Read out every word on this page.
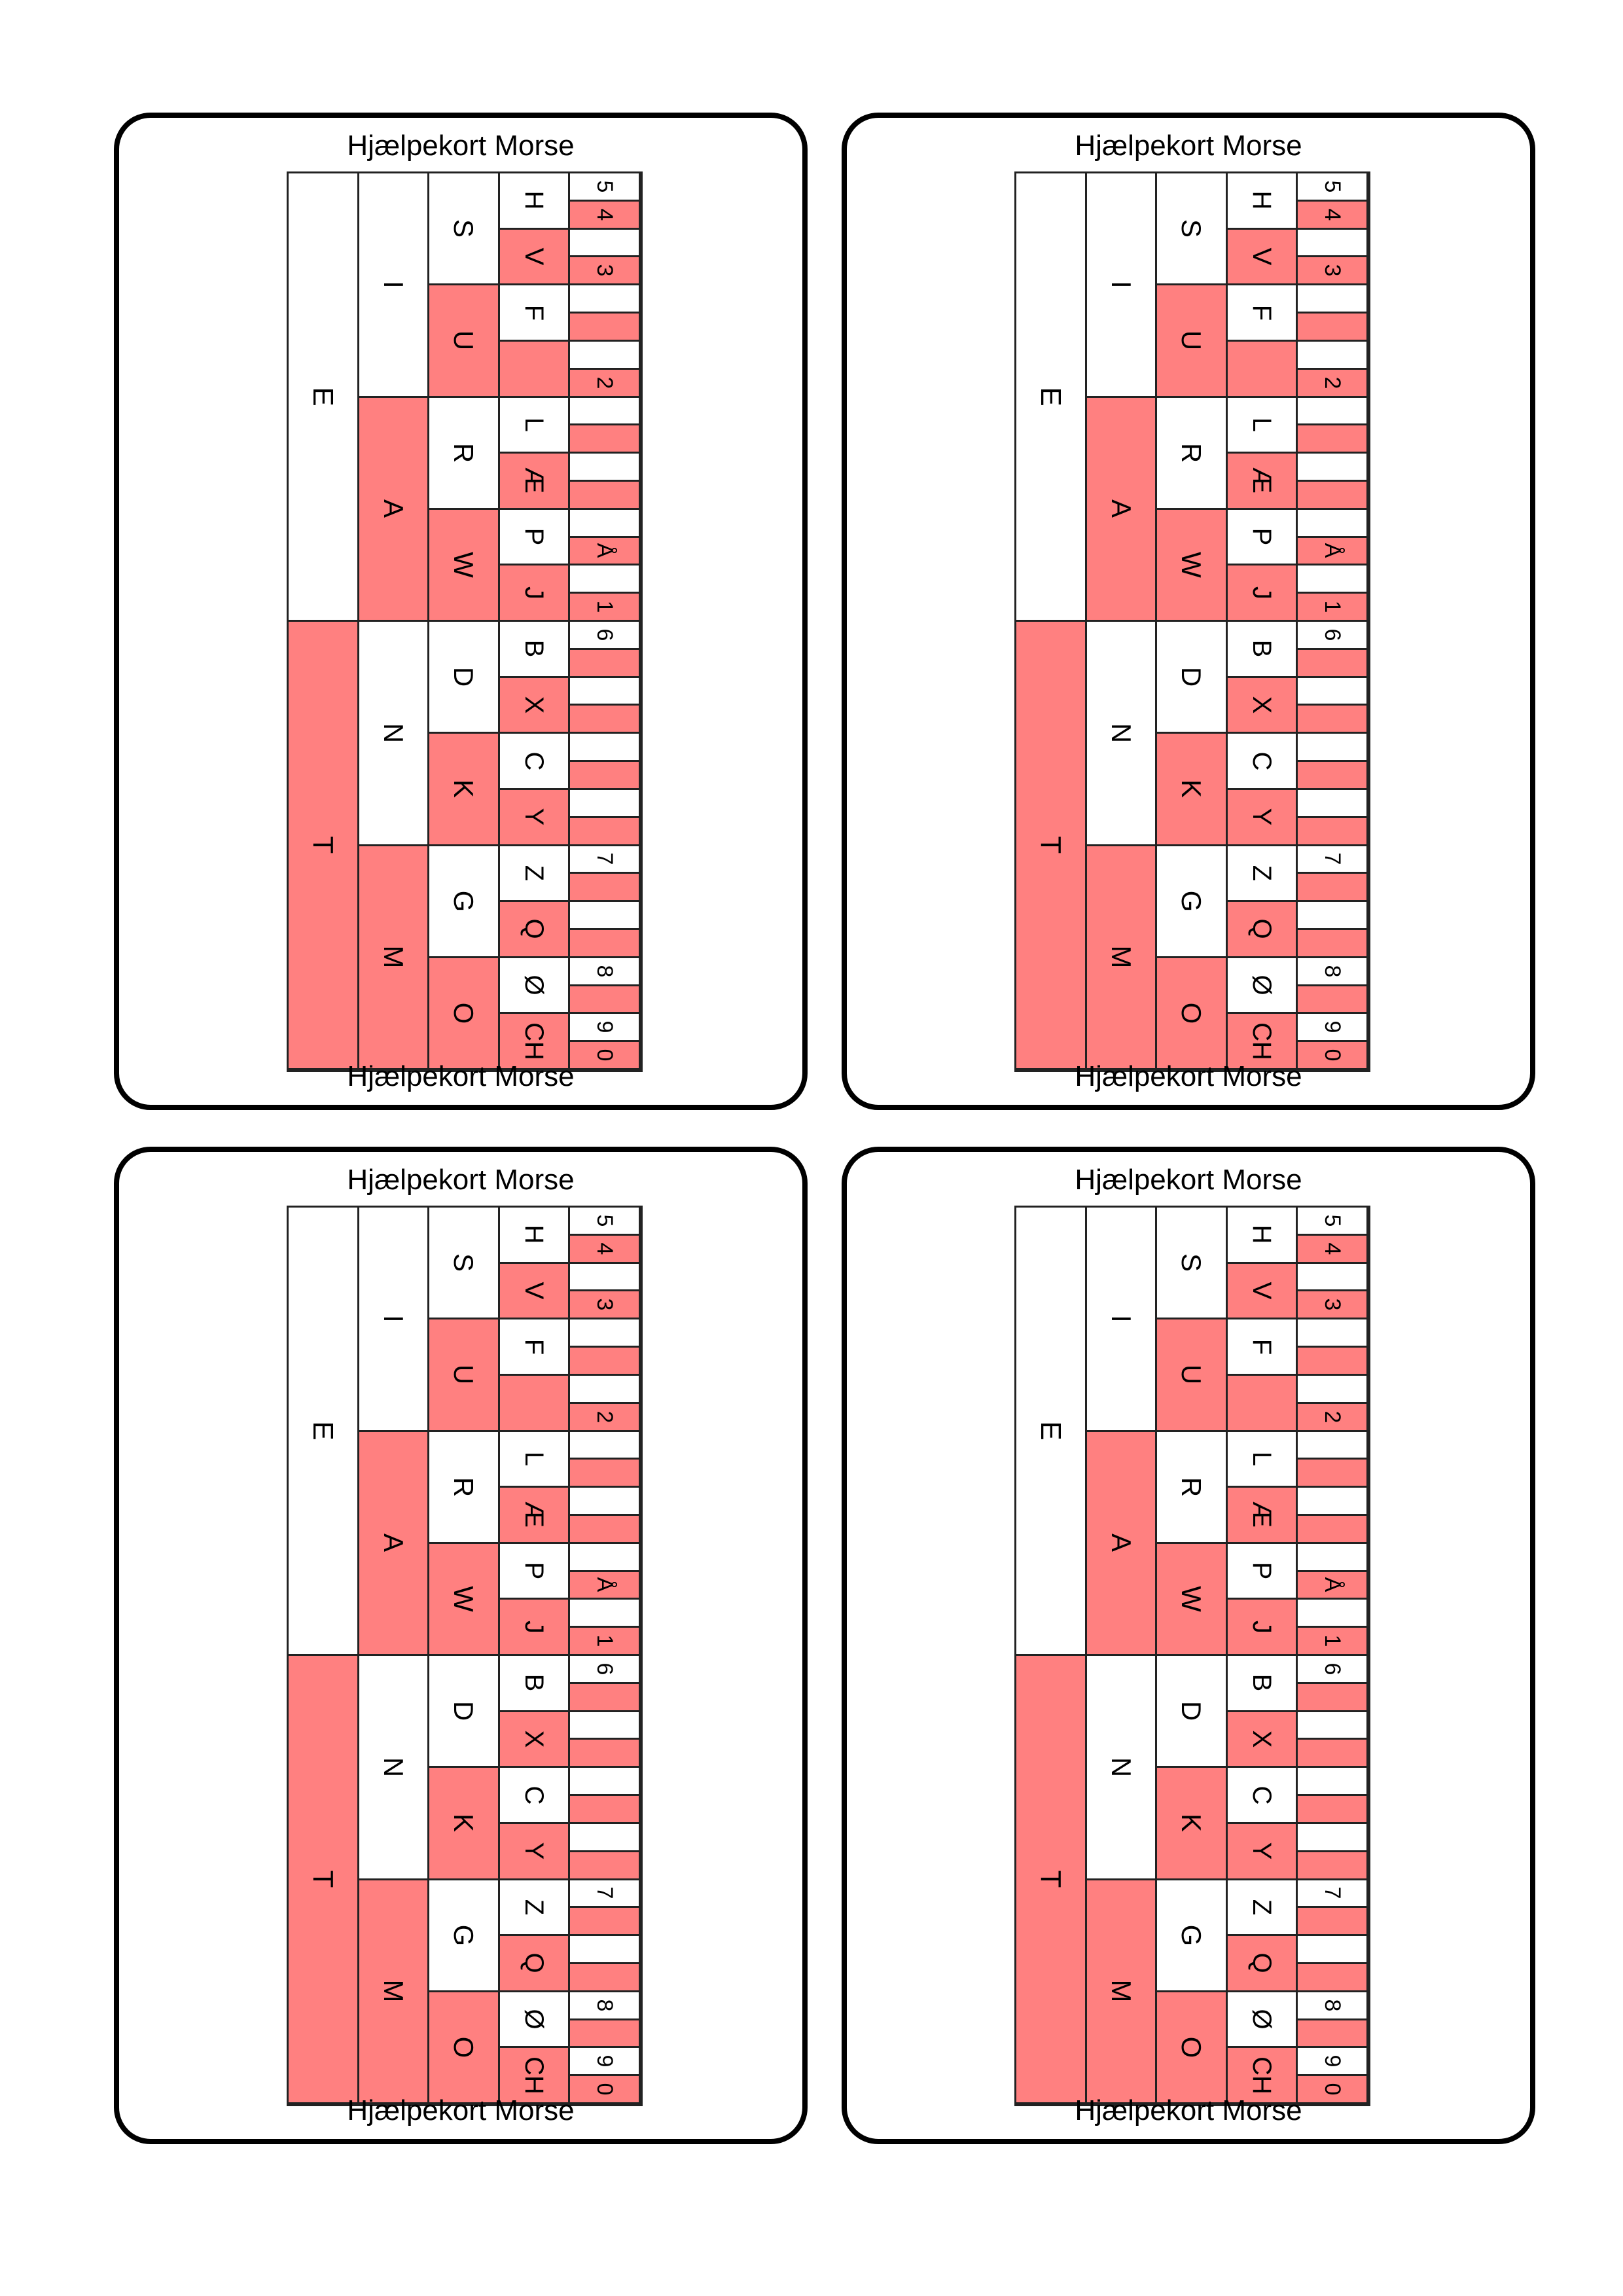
Hjælpekort Morse
E
I
S
H
5
4
V
3
U
F
2
A
R
L
Æ
W
P
Å
J
1
T
N
D
B
6
X
K
C
Y
M
G
Z
7
Q
O
Ø
8
CH 9
0
Hjælpekort Morse
Hjælpekort Morse
E
I
S
H
5
4
V
3
U
F
2
A
R
L
Æ
W
P
Å
J
1
T
N
D
B
6
X
K
C
Y
M
G
Z
7
Q
O
Ø
8
CH 9
0
Hjælpekort Morse
Hjælpekort Morse
E
I
S
H
5
4
V
3
U
F
2
A
R
L
Æ
W
P
Å
J
1
T
N
D
B
6
X
K
C
Y
M
G
Z
7
Q
O
Ø
8
CH 9
0
Hjælpekort Morse
Hjælpekort Morse
E
I
S
H
5
4
V
3
U
F
2
A
R
L
Æ
W
P
Å
J
1
T
N
D
B
6
X
K
C
Y
M
G
Z
7
Q
O
Ø
8
CH 9
0
Hjælpekort Morse
